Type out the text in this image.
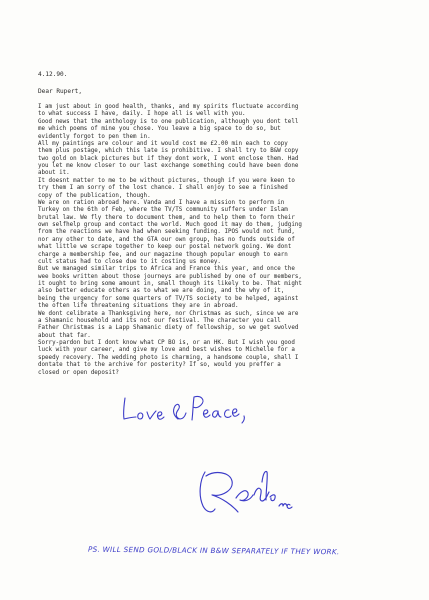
4.12.90.
Dear Rupert,
I am just about in good health, thanks, and my spirits fluctuate according
to what success I have, daily. I hope all is well with you.
Good news that the anthology is to one publication, although you dont tell
me which poems of mine you chose. You leave a big space to do so, but
evidently forgot to pen them in.
All my paintings are colour and it would cost me £2.00 min each to copy
them plus postage, which this late is prohibitive. I shall try to B&W copy
two gold on black pictures but if they dont work, I wont enclose them. Had
you let me know closer to our last exchange something could have been done
about it.
It doesnt matter to me to be without pictures, though if you were keen to
try them I am sorry of the lost chance. I shall enjoy to see a finished
copy of the publication, though.
We are on ration abroad here. Vanda and I have a mission to perform in
Turkey on the 6th of Feb, where the TV/TS community suffers under Islam
brutal law. We fly there to document them, and to help them to form their
own selfhelp group and contact the world. Much good it may do them, judging
from the reactions we have had when seeking funding. IPOS would not fund,
nor any other to date, and the GTA our own group, has no funds outside of
what little we scrape together to keep our postal network going. We dont
charge a membership fee, and our magazine though popular enough to earn
cult status had to close due to it costing us money.
But we managed similar trips to Africa and France this year, and once the
wee books written about those journeys are published by one of our members,
it ought to bring some amount in, small though its likely to be. That might
also better educate others as to what we are doing, and the why of it,
being the urgency for some quarters of TV/TS society to be helped, against
the often life threatening situations they are in abroad.
We dont celibrate a Thanksgiving here, nor Christmas as such, since we are
a Shamanic household and its not our festival. The character you call
Father Christmas is a Lapp Shamanic diety of fellowship, so we get swolved
about that far.
Sorry-pardon but I dont know what CP BO is, or an HK. But I wish you good
luck with your career, and give my love and best wishes to Michelle for a
speedy recovery. The wedding photo is charming, a handsome couple, shall I
dontate that to the archive for posterity? If so, would you preffer a
closed or open deposit?
PS. WILL SEND GOLD/BLACK IN B&W SEPARATELY IF THEY WORK.
